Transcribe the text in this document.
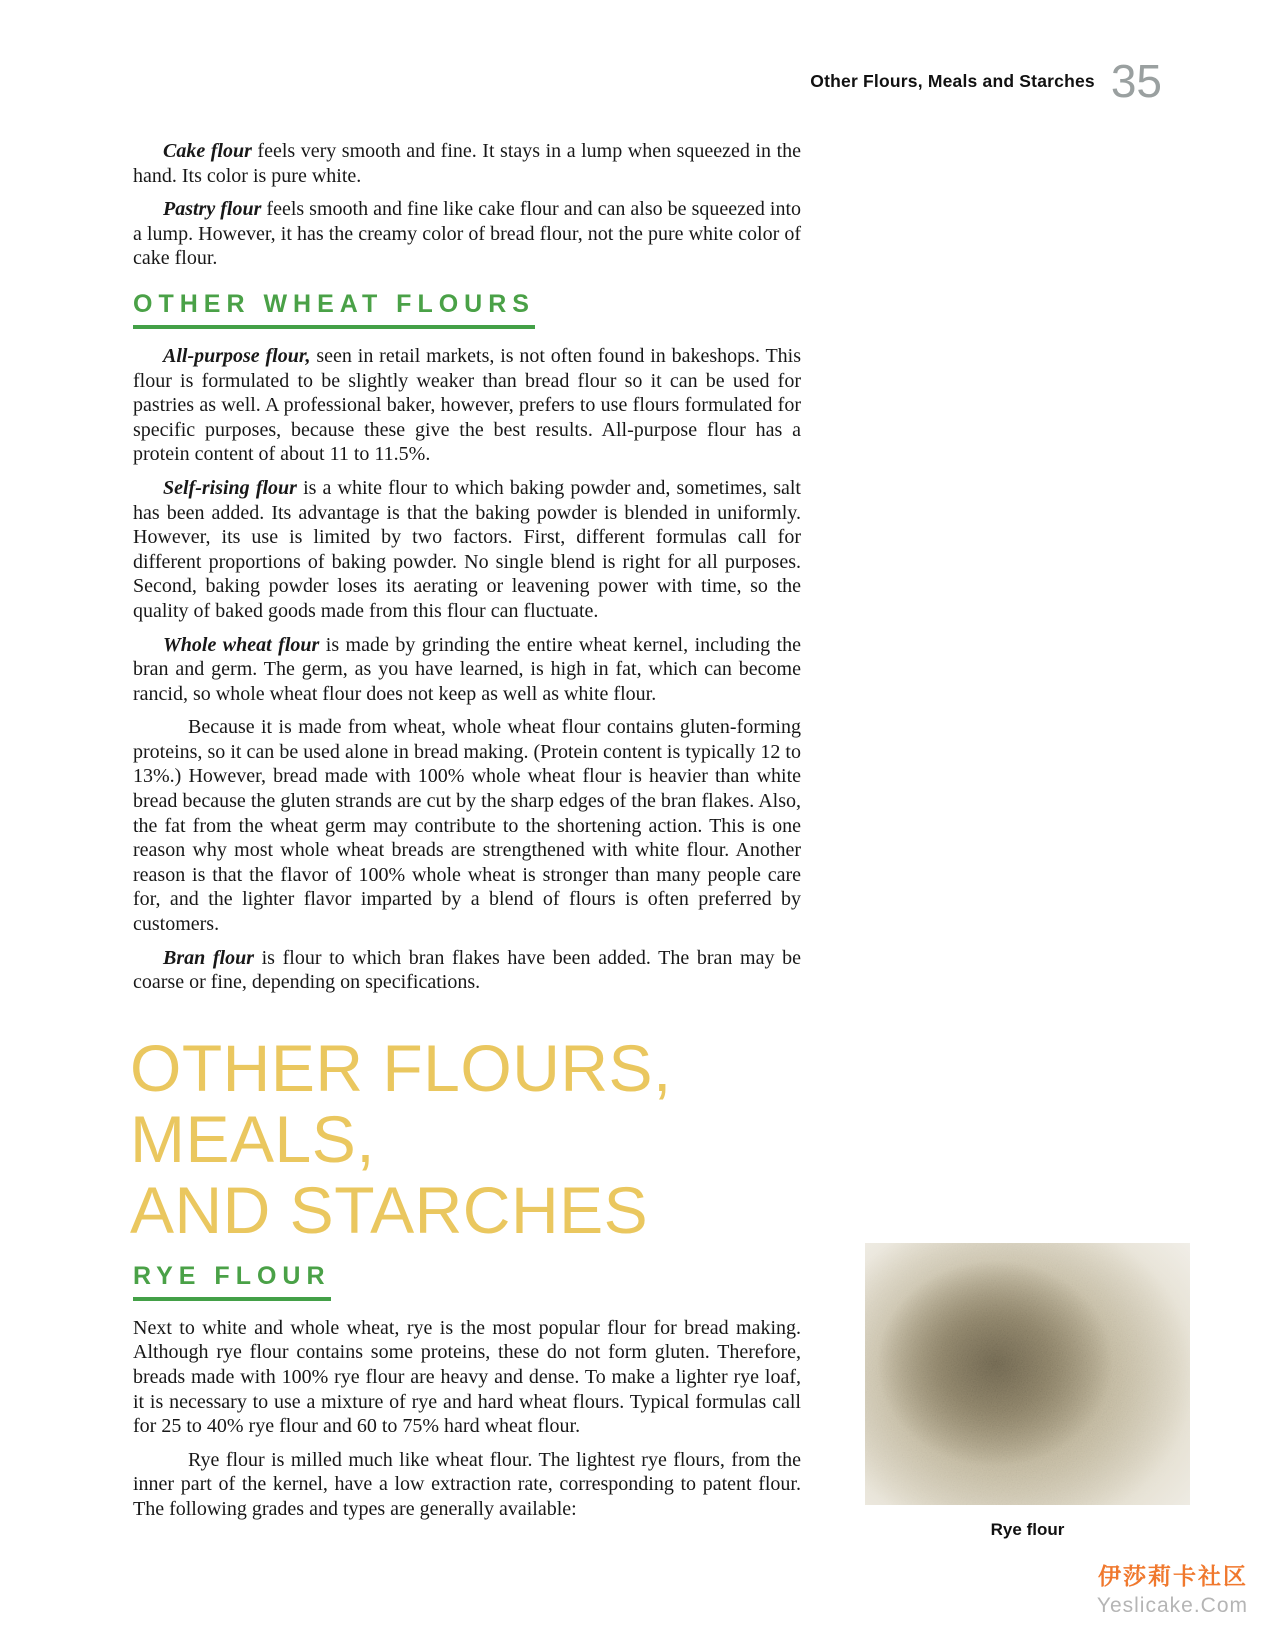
Other Flours, Meals and Starches 35

Cake flour feels very smooth and fine. It stays in a lump when squeezed in the hand. Its color is pure white.

Pastry flour feels smooth and fine like cake flour and can also be squeezed into a lump. However, it has the creamy color of bread flour, not the pure white color of cake flour.

OTHER WHEAT FLOURS

All-purpose flour, seen in retail markets, is not often found in bakeshops. This flour is formulated to be slightly weaker than bread flour so it can be used for pastries as well. A professional baker, however, prefers to use flours formulated for specific purposes, because these give the best results. All-purpose flour has a protein content of about 11 to 11.5%.

Self-rising flour is a white flour to which baking powder and, sometimes, salt has been added. Its advantage is that the baking powder is blended in uniformly. However, its use is limited by two factors. First, different formulas call for different proportions of baking powder. No single blend is right for all purposes. Second, baking powder loses its aerating or leavening power with time, so the quality of baked goods made from this flour can fluctuate.

Whole wheat flour is made by grinding the entire wheat kernel, including the bran and germ. The germ, as you have learned, is high in fat, which can become rancid, so whole wheat flour does not keep as well as white flour.

Because it is made from wheat, whole wheat flour contains gluten-forming proteins, so it can be used alone in bread making. (Protein content is typically 12 to 13%.) However, bread made with 100% whole wheat flour is heavier than white bread because the gluten strands are cut by the sharp edges of the bran flakes. Also, the fat from the wheat germ may contribute to the shortening action. This is one reason why most whole wheat breads are strengthened with white flour. Another reason is that the flavor of 100% whole wheat is stronger than many people care for, and the lighter flavor imparted by a blend of flours is often preferred by customers.

Bran flour is flour to which bran flakes have been added. The bran may be coarse or fine, depending on specifications.

OTHER FLOURS, MEALS,
AND STARCHES
RYE FLOUR

Next to white and whole wheat, rye is the most popular flour for bread making. Although rye flour contains some proteins, these do not form gluten. Therefore, breads made with 100% rye flour are heavy and dense. To make a lighter rye loaf, it is necessary to use a mixture of rye and hard wheat flours. Typical formulas call for 25 to 40% rye flour and 60 to 75% hard wheat flour.

Rye flour is milled much like wheat flour. The lightest rye flours, from the inner part of the kernel, have a low extraction rate, corresponding to patent flour. The following grades and types are generally available:

Rye flour
伊莎莉卡社区
Yeslicake.Com
